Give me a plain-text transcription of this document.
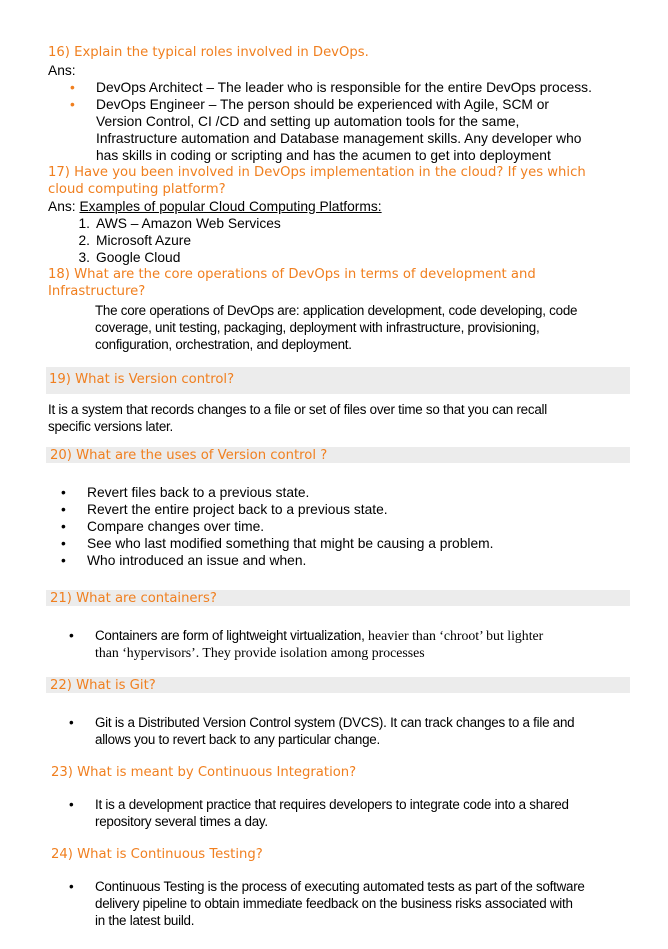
16) Explain the typical roles involved in DevOps.
Ans:
• DevOps Architect – The leader who is responsible for the entire DevOps process.
• DevOps Engineer – The person should be experienced with Agile, SCM or
Version Control, CI /CD and setting up automation tools for the same,
Infrastructure automation and Database management skills. Any developer who
has skills in coding or scripting and has the acumen to get into deployment
17) Have you been involved in DevOps implementation in the cloud? If yes which
cloud computing platform?
Ans: Examples of popular Cloud Computing Platforms:
1. AWS – Amazon Web Services
2. Microsoft Azure
3. Google Cloud
18) What are the core operations of DevOps in terms of development and
Infrastructure?
The core operations of DevOps are: application development, code developing, code
coverage, unit testing, packaging, deployment with infrastructure, provisioning,
configuration, orchestration, and deployment.
19) What is Version control?
It is a system that records changes to a file or set of files over time so that you can recall
specific versions later.
20) What are the uses of Version control ?
• Revert files back to a previous state.
• Revert the entire project back to a previous state.
• Compare changes over time.
• See who last modified something that might be causing a problem.
• Who introduced an issue and when.
21) What are containers?
• Containers are form of lightweight virtualization, heavier than ‘chroot’ but lighter
than ‘hypervisors’. They provide isolation among processes
22) What is Git?
• Git is a Distributed Version Control system (DVCS). It can track changes to a file and
allows you to revert back to any particular change.
23) What is meant by Continuous Integration?
• It is a development practice that requires developers to integrate code into a shared
repository several times a day.
24) What is Continuous Testing?
• Continuous Testing is the process of executing automated tests as part of the software
delivery pipeline to obtain immediate feedback on the business risks associated with
in the latest build.
